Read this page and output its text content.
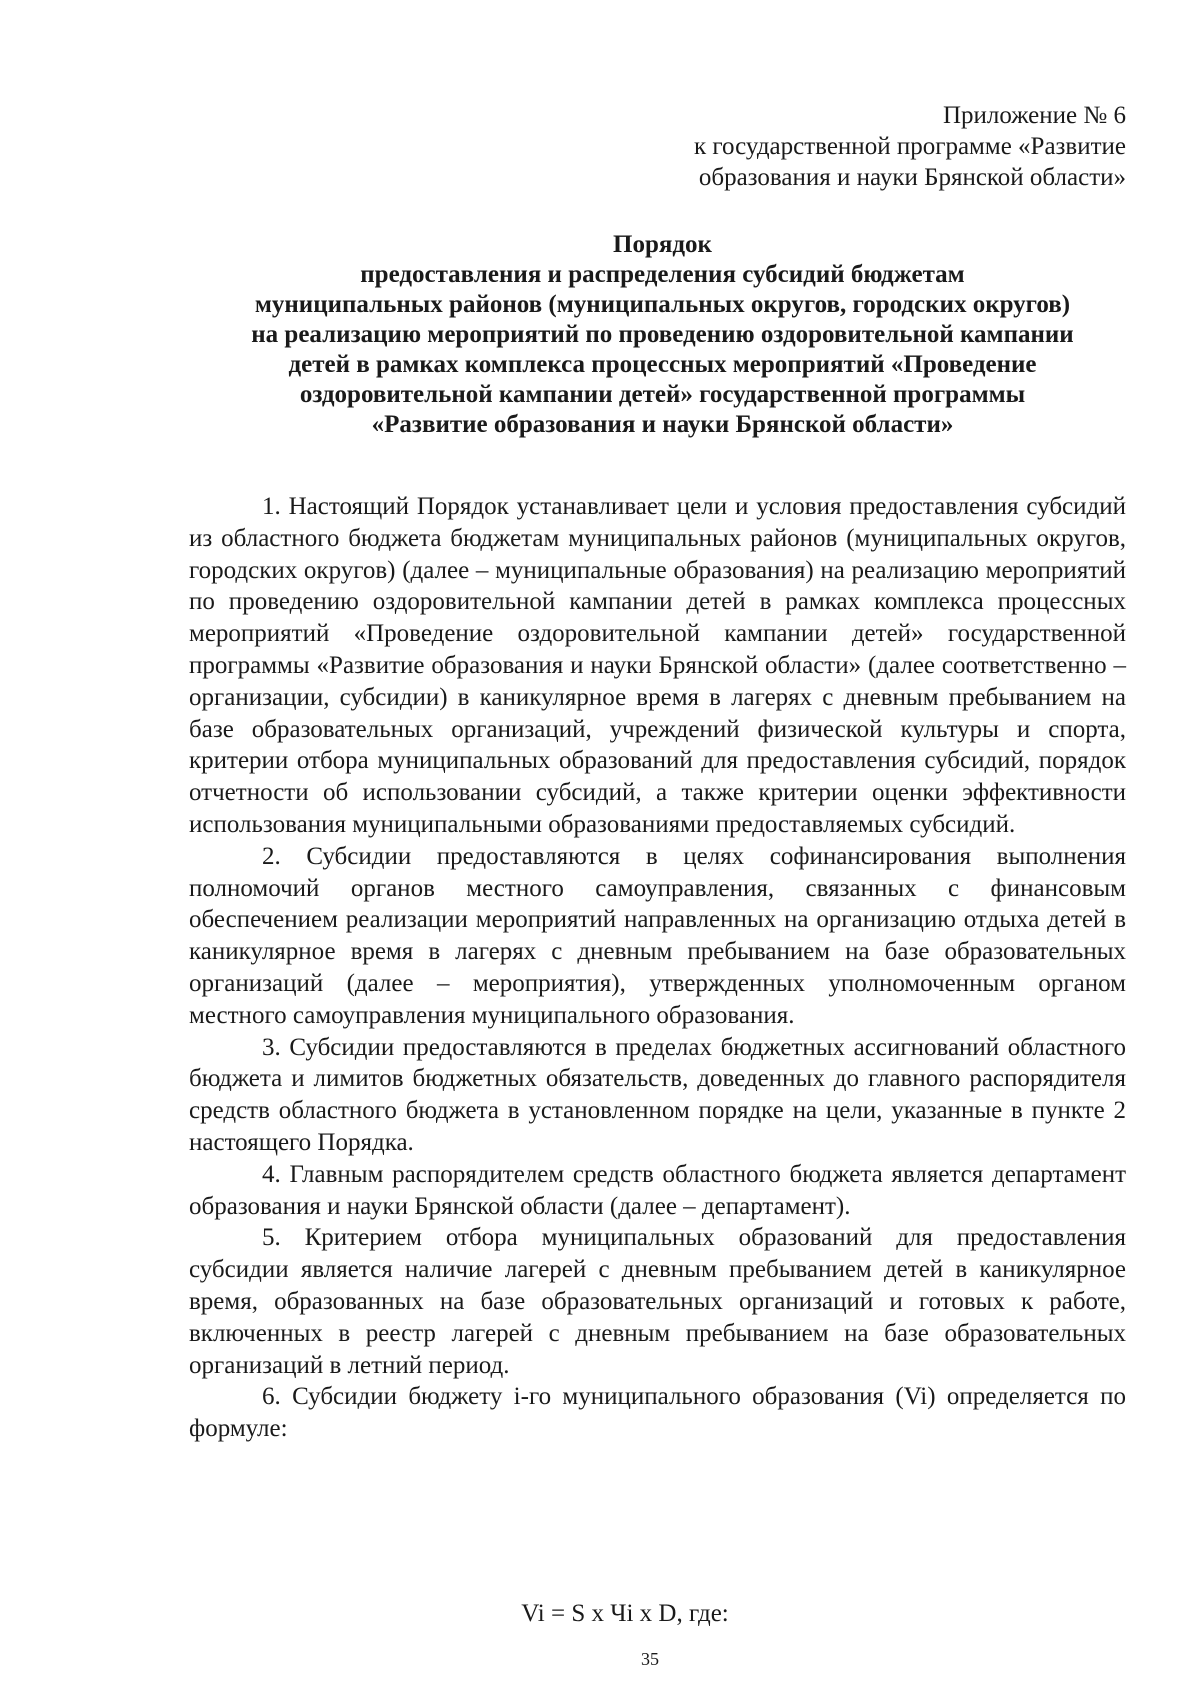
Приложение № 6
к государственной программе «Развитие
образования и науки Брянской области»
Порядок
предоставления и распределения субсидий бюджетам
муниципальных районов (муниципальных округов, городских округов)
на реализацию мероприятий по проведению оздоровительной кампании
детей в рамках комплекса процессных мероприятий «Проведение
оздоровительной кампании детей» государственной программы
«Развитие образования и науки Брянской области»

1. Настоящий Порядок устанавливает цели и условия предоставления субсидий из областного бюджета бюджетам муниципальных районов (муниципальных округов, городских округов) (далее – муниципальные образования) на реализацию мероприятий по проведению оздоровительной кампании детей в рамках комплекса процессных мероприятий «Проведение оздоровительной кампании детей» государственной программы «Развитие образования и науки Брянской области» (далее соответственно – организации, субсидии) в каникулярное время в лагерях с дневным пребыванием на базе образовательных организаций, учреждений физической культуры и спорта, критерии отбора муниципальных образований для предоставления субсидий, порядок отчетности об использовании субсидий, а также критерии оценки эффективности использования муниципальными образованиями предоставляемых субсидий.

2. Субсидии предоставляются в целях софинансирования выполнения полномочий органов местного самоуправления, связанных с финансовым обеспечением реализации мероприятий направленных на организацию отдыха детей в каникулярное время в лагерях с дневным пребыванием на базе образовательных организаций (далее – мероприятия), утвержденных уполномоченным органом местного самоуправления муниципального образования.

3. Субсидии предоставляются в пределах бюджетных ассигнований областного бюджета и лимитов бюджетных обязательств, доведенных до главного распорядителя средств областного бюджета в установленном порядке на цели, указанные в пункте 2 настоящего Порядка.

4. Главным распорядителем средств областного бюджета является департамент образования и науки Брянской области (далее – департамент).

5. Критерием отбора муниципальных образований для предоставления субсидии является наличие лагерей с дневным пребыванием детей в каникулярное время, образованных на базе образовательных организаций и готовых к работе, включенных в реестр лагерей с дневным пребыванием на базе образовательных организаций в летний период.

6. Субсидии бюджету i-го муниципального образования (Vi) определяется по формуле:

Vi = S x Чi x D, где:
35
